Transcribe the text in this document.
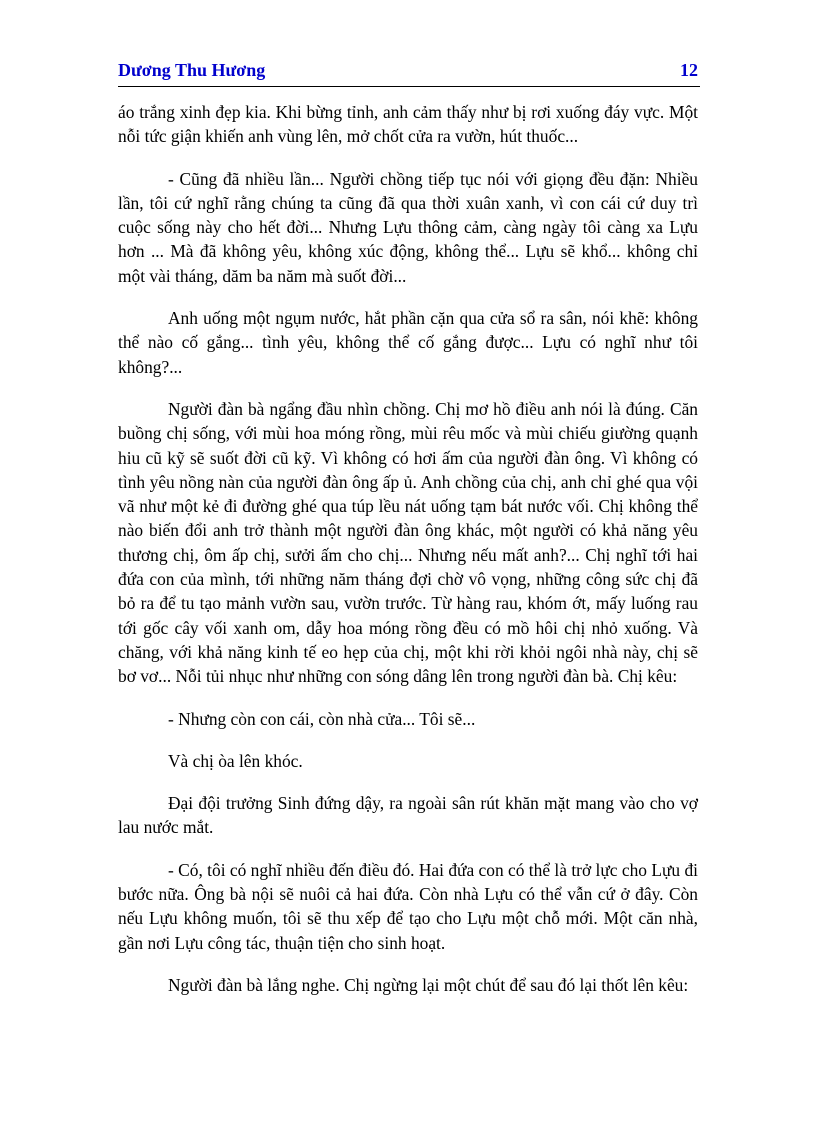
Dương Thu Hương	12

áo trắng xinh đẹp kia. Khi bừng tỉnh, anh cảm thấy như bị rơi xuống đáy vực. Một nỗi tức giận khiến anh vùng lên, mở chốt cửa ra vườn, hút thuốc...

- Cũng đã nhiều lần... Người chồng tiếp tục nói với giọng đều đặn: Nhiều lần, tôi cứ nghĩ rằng chúng ta cũng đã qua thời xuân xanh, vì con cái cứ duy trì cuộc sống này cho hết đời... Nhưng Lựu thông cảm, càng ngày tôi càng xa Lựu hơn ... Mà đã không yêu, không xúc động, không thể... Lựu sẽ khổ... không chỉ một vài tháng, dăm ba năm mà suốt đời...

Anh uống một ngụm nước, hắt phần cặn qua cửa sổ ra sân, nói khẽ: không thể nào cố gắng... tình yêu, không thể cố gắng được... Lựu có nghĩ như tôi không?...

Người đàn bà ngẩng đầu nhìn chồng. Chị mơ hồ điều anh nói là đúng. Căn buồng chị sống, với mùi hoa móng rồng, mùi rêu mốc và mùi chiếu giường quạnh hiu cũ kỹ sẽ suốt đời cũ kỹ. Vì không có hơi ấm của người đàn ông. Vì không có tình yêu nồng nàn của người đàn ông ấp ủ. Anh chồng của chị, anh chỉ ghé qua vội vã như một kẻ đi đường ghé qua túp lều nát uống tạm bát nước vối. Chị không thể nào biến đổi anh trở thành một người đàn ông khác, một người có khả năng yêu thương chị, ôm ấp chị, sưởi ấm cho chị... Nhưng nếu mất anh?... Chị nghĩ tới hai đứa con của mình, tới những năm tháng đợi chờ vô vọng, những công sức chị đã bỏ ra để tu tạo mảnh vườn sau, vườn trước. Từ hàng rau, khóm ớt, mấy luống rau tới gốc cây vối xanh om, dẫy hoa móng rồng đều có mồ hôi chị nhỏ xuống. Và chăng, với khả năng kinh tế eo hẹp của chị, một khi rời khỏi ngôi nhà này, chị sẽ bơ vơ... Nỗi tủi nhục như những con sóng dâng lên trong người đàn bà. Chị kêu:

- Nhưng còn con cái, còn nhà cửa... Tôi sẽ...

Và chị òa lên khóc.

Đại đội trưởng Sinh đứng dậy, ra ngoài sân rút khăn mặt mang vào cho vợ lau nước mắt.

- Có, tôi có nghĩ nhiều đến điều đó. Hai đứa con có thể là trở lực cho Lựu đi bước nữa. Ông bà nội sẽ nuôi cả hai đứa. Còn nhà Lựu có thể vẫn cứ ở đây. Còn nếu Lựu không muốn, tôi sẽ thu xếp để tạo cho Lựu một chỗ mới. Một căn nhà, gần nơi Lựu công tác, thuận tiện cho sinh hoạt.

Người đàn bà lắng nghe. Chị ngừng lại một chút để sau đó lại thốt lên kêu:
